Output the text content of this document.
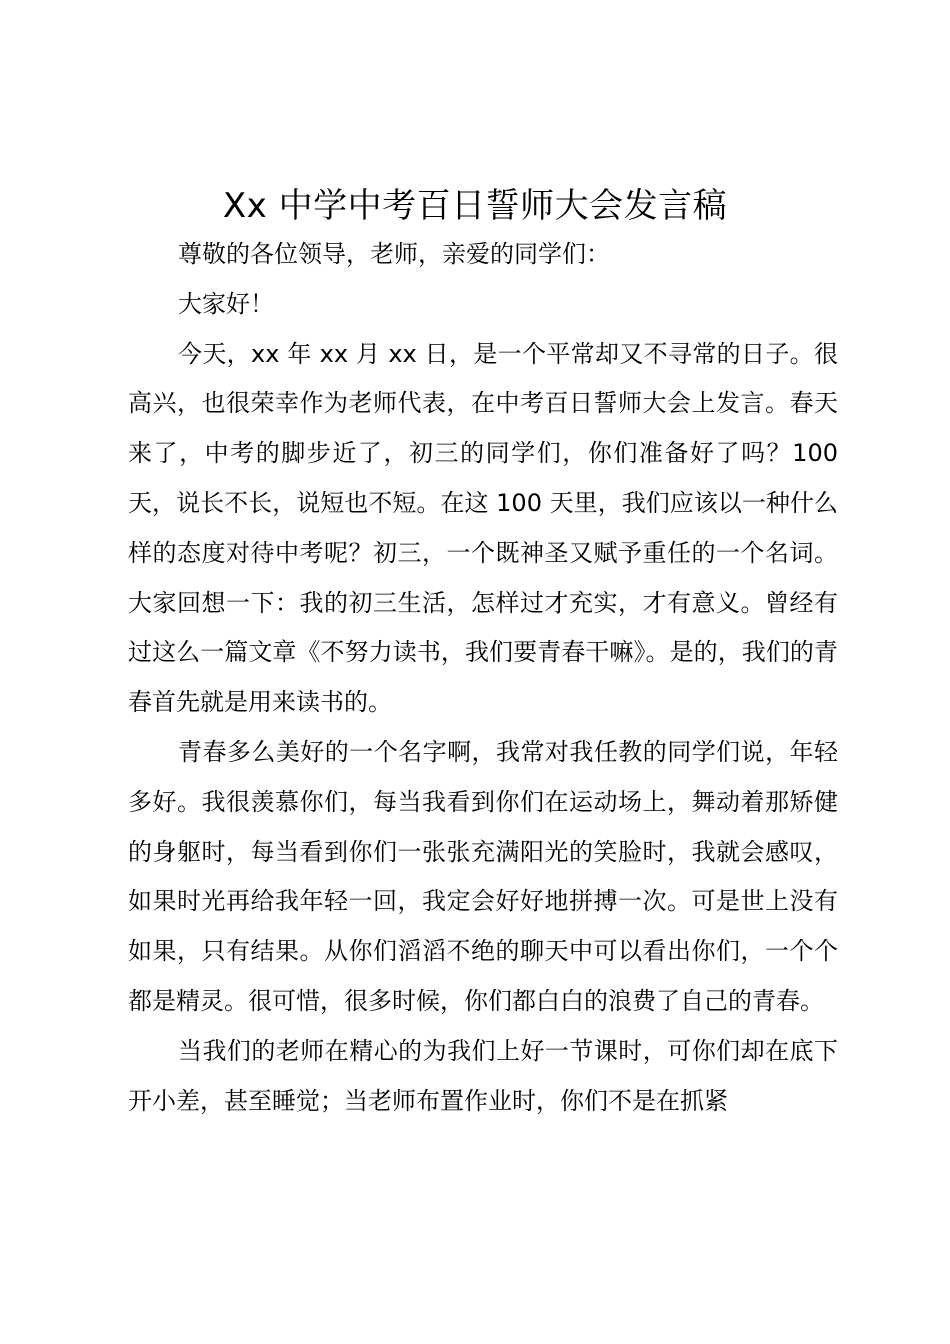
Xx 中学中考百日誓师大会发言稿

尊敬的各位领导，老师，亲爱的同学们：

大家好！

今天，xx 年 xx 月 xx 日，是一个平常却又不寻常的日子。很高兴，也很荣幸作为老师代表，在中考百日誓师大会上发言。春天来了，中考的脚步近了，初三的同学们，你们准备好了吗？100 天，说长不长，说短也不短。在这 100 天里，我们应该以一种什么样的态度对待中考呢？初三，一个既神圣又赋予重任的一个名词。大家回想一下：我的初三生活，怎样过才充实，才有意义。曾经有过这么一篇文章《不努力读书，我们要青春干嘛》。是的，我们的青春首先就是用来读书的。

青春多么美好的一个名字啊，我常对我任教的同学们说，年轻多好。我很羡慕你们，每当我看到你们在运动场上，舞动着那矫健的身躯时，每当看到你们一张张充满阳光的笑脸时，我就会感叹，如果时光再给我年轻一回，我定会好好地拼搏一次。可是世上没有如果，只有结果。从你们滔滔不绝的聊天中可以看出你们，一个个都是精灵。很可惜，很多时候，你们都白白的浪费了自己的青春。

当我们的老师在精心的为我们上好一节课时，可你们却在底下开小差，甚至睡觉；当老师布置作业时，你们不是在抓紧
